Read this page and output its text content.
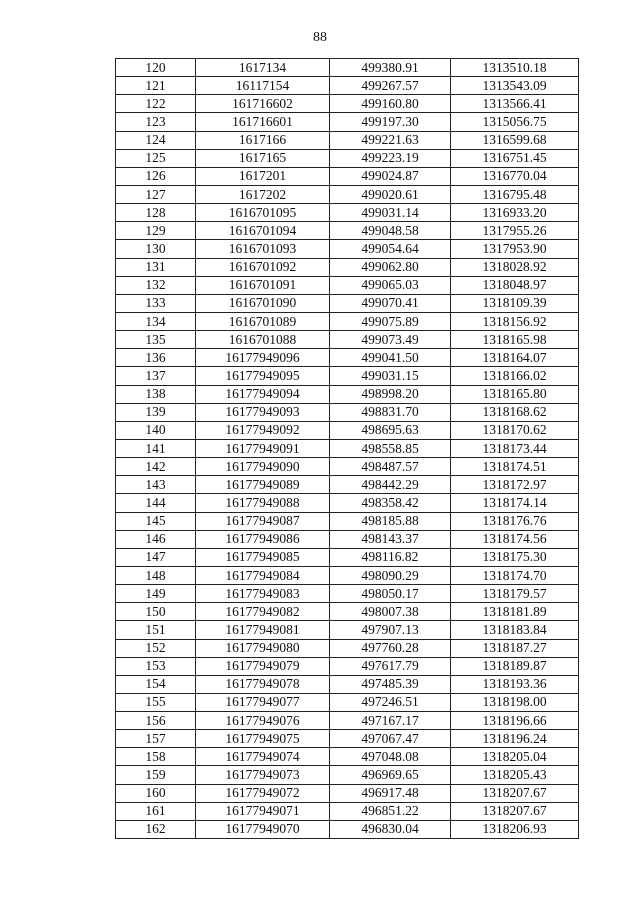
88
120	1617134	499380.91	1313510.18
121	16117154	499267.57	1313543.09
122	161716602	499160.80	1313566.41
123	161716601	499197.30	1315056.75
124	1617166	499221.63	1316599.68
125	1617165	499223.19	1316751.45
126	1617201	499024.87	1316770.04
127	1617202	499020.61	1316795.48
128	1616701095	499031.14	1316933.20
129	1616701094	499048.58	1317955.26
130	1616701093	499054.64	1317953.90
131	1616701092	499062.80	1318028.92
132	1616701091	499065.03	1318048.97
133	1616701090	499070.41	1318109.39
134	1616701089	499075.89	1318156.92
135	1616701088	499073.49	1318165.98
136	16177949096	499041.50	1318164.07
137	16177949095	499031.15	1318166.02
138	16177949094	498998.20	1318165.80
139	16177949093	498831.70	1318168.62
140	16177949092	498695.63	1318170.62
141	16177949091	498558.85	1318173.44
142	16177949090	498487.57	1318174.51
143	16177949089	498442.29	1318172.97
144	16177949088	498358.42	1318174.14
145	16177949087	498185.88	1318176.76
146	16177949086	498143.37	1318174.56
147	16177949085	498116.82	1318175.30
148	16177949084	498090.29	1318174.70
149	16177949083	498050.17	1318179.57
150	16177949082	498007.38	1318181.89
151	16177949081	497907.13	1318183.84
152	16177949080	497760.28	1318187.27
153	16177949079	497617.79	1318189.87
154	16177949078	497485.39	1318193.36
155	16177949077	497246.51	1318198.00
156	16177949076	497167.17	1318196.66
157	16177949075	497067.47	1318196.24
158	16177949074	497048.08	1318205.04
159	16177949073	496969.65	1318205.43
160	16177949072	496917.48	1318207.67
161	16177949071	496851.22	1318207.67
162	16177949070	496830.04	1318206.93
